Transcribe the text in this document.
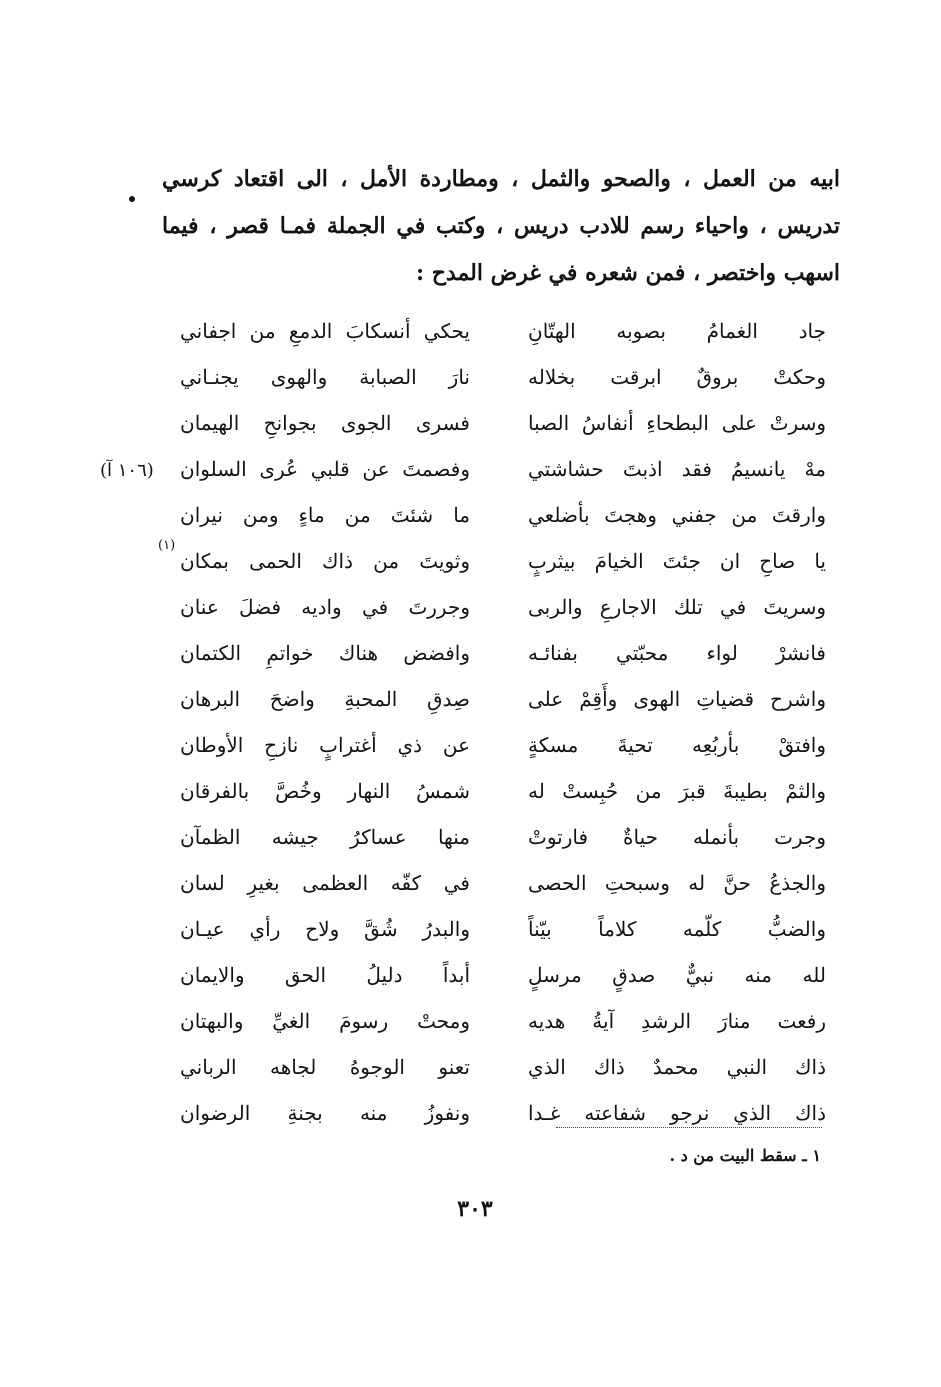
ابيه من العمل ، والصحو والثمل ، ومطاردة الأمل ، الى اقتعاد كرسي
تدريس ، واحياء رسم للادب دريس ، وكتب في الجملة فمـا قصر ، فيما
اسهب واختصر ، فمن شعره في غرض المدح :
جاد الغمامُ بصوبه الهتّانِ
يحكي أنسكابَ الدمعِ من اجفاني
وحكتْ بروقٌ ابرقت بخلاله
نارَ الصبابة والهوى يجنـاني
وسرتْ على البطحاءِ أنفاسُ الصبا
فسرى الجوى بجوانحِ الهيمان
مهْ يانسيمُ فقد اذبتَ حشاشتي
وفصمتَ عن قلبي عُرى السلوان
وارقتَ من جفني وهجتَ بأضلعي
ما شئتَ من ماءٍ ومن نيران
يا صاحِ ان جئتَ الخيامَ بيثربٍ
وثويتَ من ذاك الحمى بمكان
وسريتَ في تلك الاجارعِ والربى
وجررتَ في واديه فضلَ عنان
فانشرْ لواء محبّتي بفنائـه
وافضض هناك خواتمِ الكتمان
واشرح قضياتِ الهوى وأَقِمْ على
صِدقِ المحبةِ واضحَ البرهان
وافتقْ بأربُعِه تحيةَ مسكةٍ
عن ذي أغترابٍ نازحِ الأوطان
والثمْ بطيبةَ قبرَ من حُبِستْ له
شمسُ النهار وخُصَّ بالفرقان
وجرت بأنمله حياةٌ فارتوتْ
منها عساكرُ جيشه الظمآن
والجذعُ حنَّ له وسبحتِ الحصى
في كفّه العظمى بغيرِ لسان
والضبُّ كلّمه كلاماً بيّناً
والبدرُ شُقَّ ولاح رأي عيـان
لله منه نبيٌّ صدقٍ مرسلٍ
أبداً دليلُ الحق والايمان
رفعت منارَ الرشدِ آيةُ هديه
ومحتْ رسومَ الغيِّ والبهتان
ذاك النبي محمدٌ ذاك الذي
تعنو الوجوهُ لجاهه الرباني
ذاك الذي نرجو شفاعته غـدا
ونفوزُ منه بجنةِ الرضوان
(١٠٦ آ)
(١)
١ ـ سقط البيت من د .
٣٠٣
